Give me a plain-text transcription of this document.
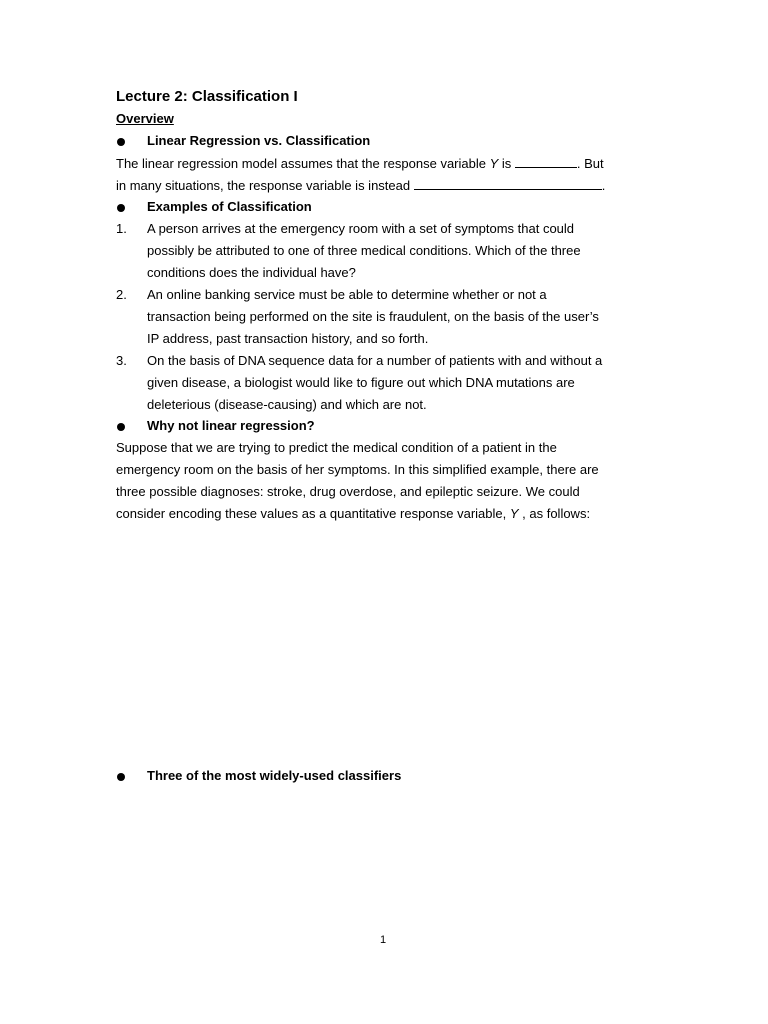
Lecture 2: Classification I
Overview
Linear Regression vs. Classification
The linear regression model assumes that the response variable Y is	. But
in many situations, the response variable is instead	.
Examples of Classification
1. A person arrives at the emergency room with a set of symptoms that could
possibly be attributed to one of three medical conditions. Which of the three
conditions does the individual have?
2. An online banking service must be able to determine whether or not a
transaction being performed on the site is fraudulent, on the basis of the user’s
IP address, past transaction history, and so forth.
3. On the basis of DNA sequence data for a number of patients with and without a
given disease, a biologist would like to figure out which DNA mutations are
deleterious (disease-causing) and which are not.
Why not linear regression?
Suppose that we are trying to predict the medical condition of a patient in the
emergency room on the basis of her symptoms. In this simplified example, there are
three possible diagnoses: stroke, drug overdose, and epileptic seizure. We could
consider encoding these values as a quantitative response variable, Y , as follows:
Three of the most widely-used classifiers
1
